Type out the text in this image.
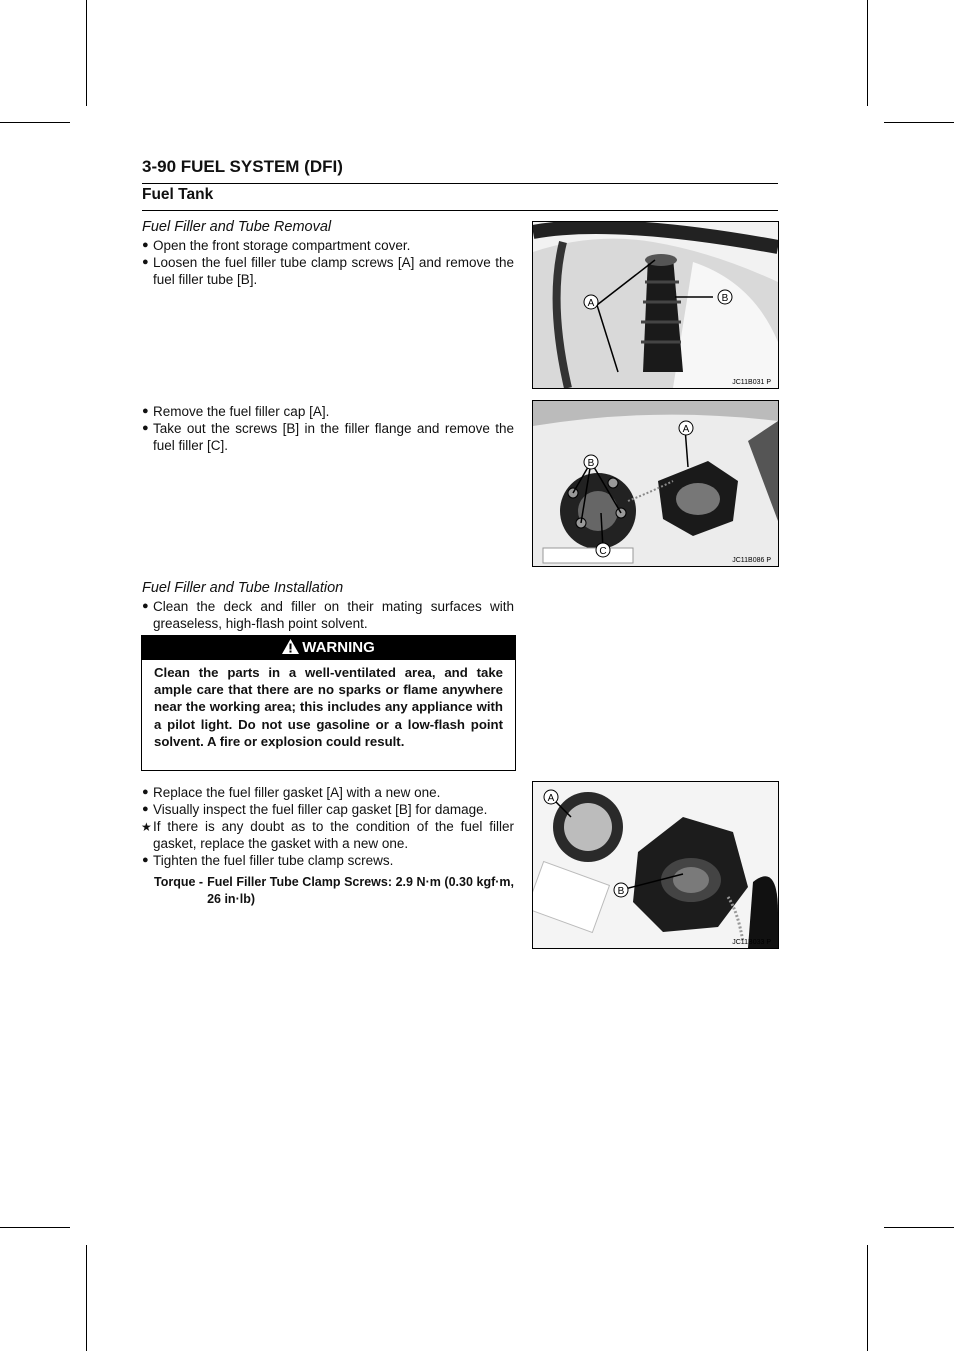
3-90 FUEL SYSTEM (DFI)
Fuel Tank
Fuel Filler and Tube Removal
● Open the front storage compartment cover.
● Loosen the fuel filler tube clamp screws [A] and remove the fuel filler tube [B].
A	B
JC11B031 P
● Remove the fuel filler cap [A].
● Take out the screws [B] in the filler flange and remove the fuel filler [C].
A
B
C
JC11B086 P
Fuel Filler and Tube Installation
● Clean the deck and filler on their mating surfaces with greaseless, high-flash point solvent.
WARNING
Clean the parts in a well-ventilated area, and take ample care that there are no sparks or flame anywhere near the working area; this includes any appliance with a pilot light. Do not use gasoline or a low-flash point solvent. A fire or explosion could result.
● Replace the fuel filler gasket [A] with a new one.
● Visually inspect the fuel filler cap gasket [B] for damage.
★ If there is any doubt as to the condition of the fuel filler gasket, replace the gasket with a new one.
● Tighten the fuel filler tube clamp screws.
Torque - Fuel Filler Tube Clamp Screws: 2.9 N·m (0.30 kgf·m, 26 in·lb)
A
B
JC11B033 P
